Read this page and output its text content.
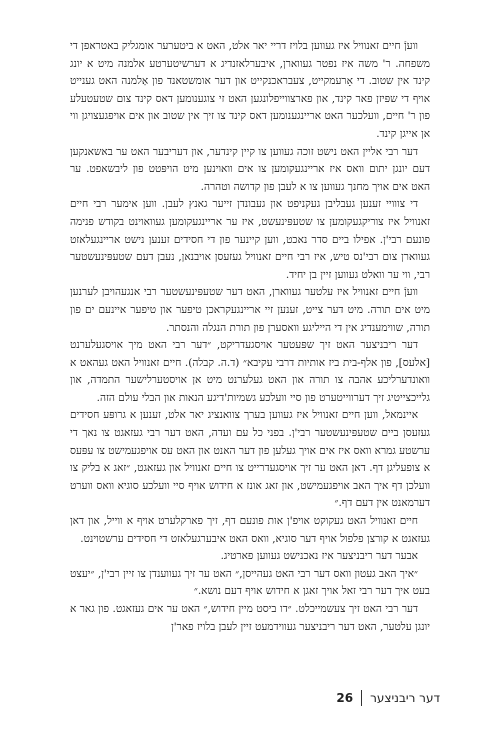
וועןֿ חיים זאנוויל איז געווען בלויז דריי יאר אלט, האט א ביטערער אומגליק באטראפן די משפחה. ר' משה איז נפטר געווארן, איבערלאזנדיג א דערשיטערטע אלמנה מיט א יונג קינד אין שטוב. די אָרעמקייט, צעבראכנקייט און דער אומשטאנד פון אַלמנה האט גענייט אויף די שפּיזן פאר קינד, און פארצווייפלונגען האט זי צוגענומען דאס קינד צום שטעטעלע פון ר' חיים, וועלכער האט אריינגענומען דאס קינד צו זיך אין שטוב און אים אויפגעצויגן ווי אן אייגן קינד.

דער רבי אליין האט נישט זוכה געווען צו קיין קינדער, און דעריבער האט ער באשאנקען דעם יונגן יתום וואס איז אריינגעקומען צו אים וואוינען מיט הויפּטט פון ליבשאפט. ער האט אים אויך מחנך געווען צו א לעבן פון קדושה וטהרה.

די צווויי זענען געבליבן געקניפט און געבונדן זייער גאנץ לעבן. ווען אימער רבי חיים זאנוויל איז צוריקגעקומען צו שטעפּינעשט, איז ער אריינגעקומען געוואוינט בקודש פנימה פונעם רבי'ן. אפילו ביים סדר נאכט, ווען קיינער פון די חסידים זענען נישט אריינגעלאזט געווארן צום רבי'נס טיש, איז רבי חיים זאנוויל געזעסן אויבנאן, נעבן דעם שטעפּינעשטער רבי, ווי ער וואלט געווען זיין בן יחיד.

וועןֿ חיים זאנוויל איז עלטער געווארן, האט דער שטעפּינעשטער רבי אנגעהויבן לערנען מיט אים תורה. מיט דער צייט, זענען זיי אריינגעקראכן טיפער און טיפער איינעם ים פון תורה, שווימענדיג אין די הייליגע וואסערן פון תורת הנגלה והנסתר.

דער ריבניצער האט זיך שפּעטער אויסגעדריקט, ״דער רבי האט מיך אויסגעלערנט [אלעס], פון אלף-בית ביז אותיות דרבי עקיבא״ (ד.ה. קבלה). חיים זאנוויל האט געהאט א וואונדערליכע אהבה צו תורה און האט געלערנט מיט אן אויסטערלישער התמדה, און גלייכצייטיג זיך דערווייטערט פון סיי וועלכע גשמיות'דיגע הנאות און הבלי עולם הזה.

איינמאל, ווען חיים זאנוויל איז געווען בערך צוואנציג יאר אלט, זענען א גרופּע חסידים געזעסן ביים שטעפּינעשטער רבי'ן. בפני כל עם ועדה, האט דער רבי געזאגט צו נאך די ערשטע גמרא וואס איז אים אויך געלען פון דער האנט און האט עס אויפגעמישט צו עפּעס א צופעליגן דף. דאן האט ער זיך אויסגעדרייט צו חיים זאנוויל און געזאגט, ״זאג א בליק צו וועלכן דף איך האב אויפגעמישט, און זאג אונז א חידוש אויף סיי וועלכע סוגיא וואס ווערט דערמאנט אין דעם דף.״

חיים זאנוויל האט געקוקט אויפ'ן אות פונעם דף, זיך פארקלערט אויף א ווייל, און דאן געזאגט א קורצן פלפול אויף דער סוגיא, וואס האט איבערגעלאזט די חסידים ערשטוינט.

אבער דער ריבניצער איז נאכנישט געווען פארטיג.

״איך האב געטון וואס דער רבי האט געהייסן,״ האט ער זיך געווענדן צו זיין רבי'ן, ״יעצט בעט איך דער רבי זאל אויך זאגן א חידוש אויף דעם נושא.״

דער רבי האט זיך צעשמייכלט. ״דו ביסט מיין חידוש,״ האט ער אים געזאגט. פון גאר א יונגן עלטער, האט דער ריבניצער געווידמעט זיין לעבן בלויז פאר'ן

דער ריבניצער
26
